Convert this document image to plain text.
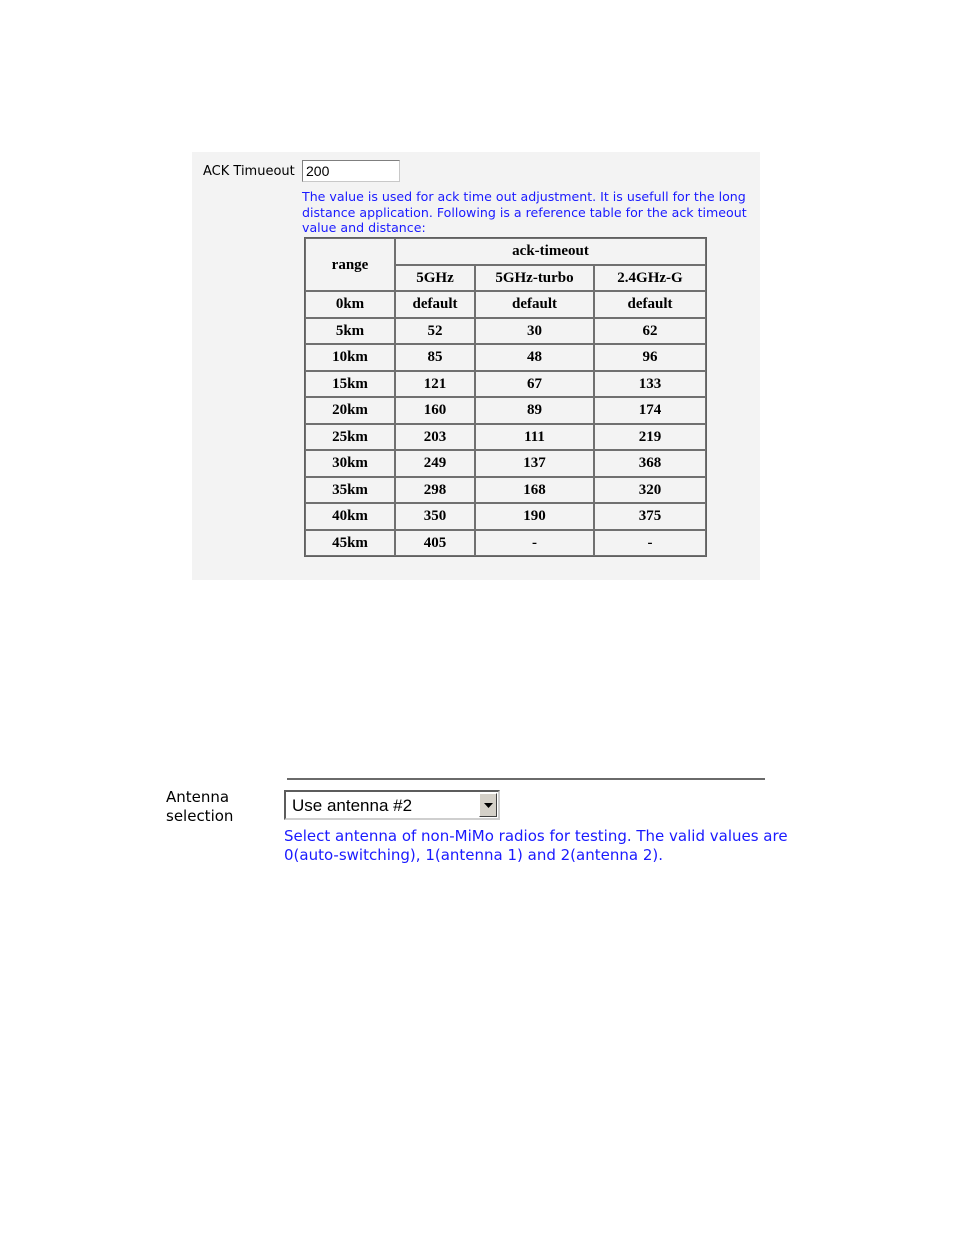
ACK Timueout
200
The value is used for ack time out adjustment. It is usefull for the long distance application. Following is a reference table for the ack timeout value and distance:
range	ack-timeout		
	5GHz	5GHz-turbo	2.4GHz-G
0km	default	default	default
5km	52	30	62
10km	85	48	96
15km	121	67	133
20km	160	89	174
25km	203	111	219
30km	249	137	368
35km	298	168	320
40km	350	190	375
45km	405	-	-
Antenna selection
Use antenna #2
Select antenna of non-MiMo radios for testing. The valid values are 0(auto-switching), 1(antenna 1) and 2(antenna 2).
